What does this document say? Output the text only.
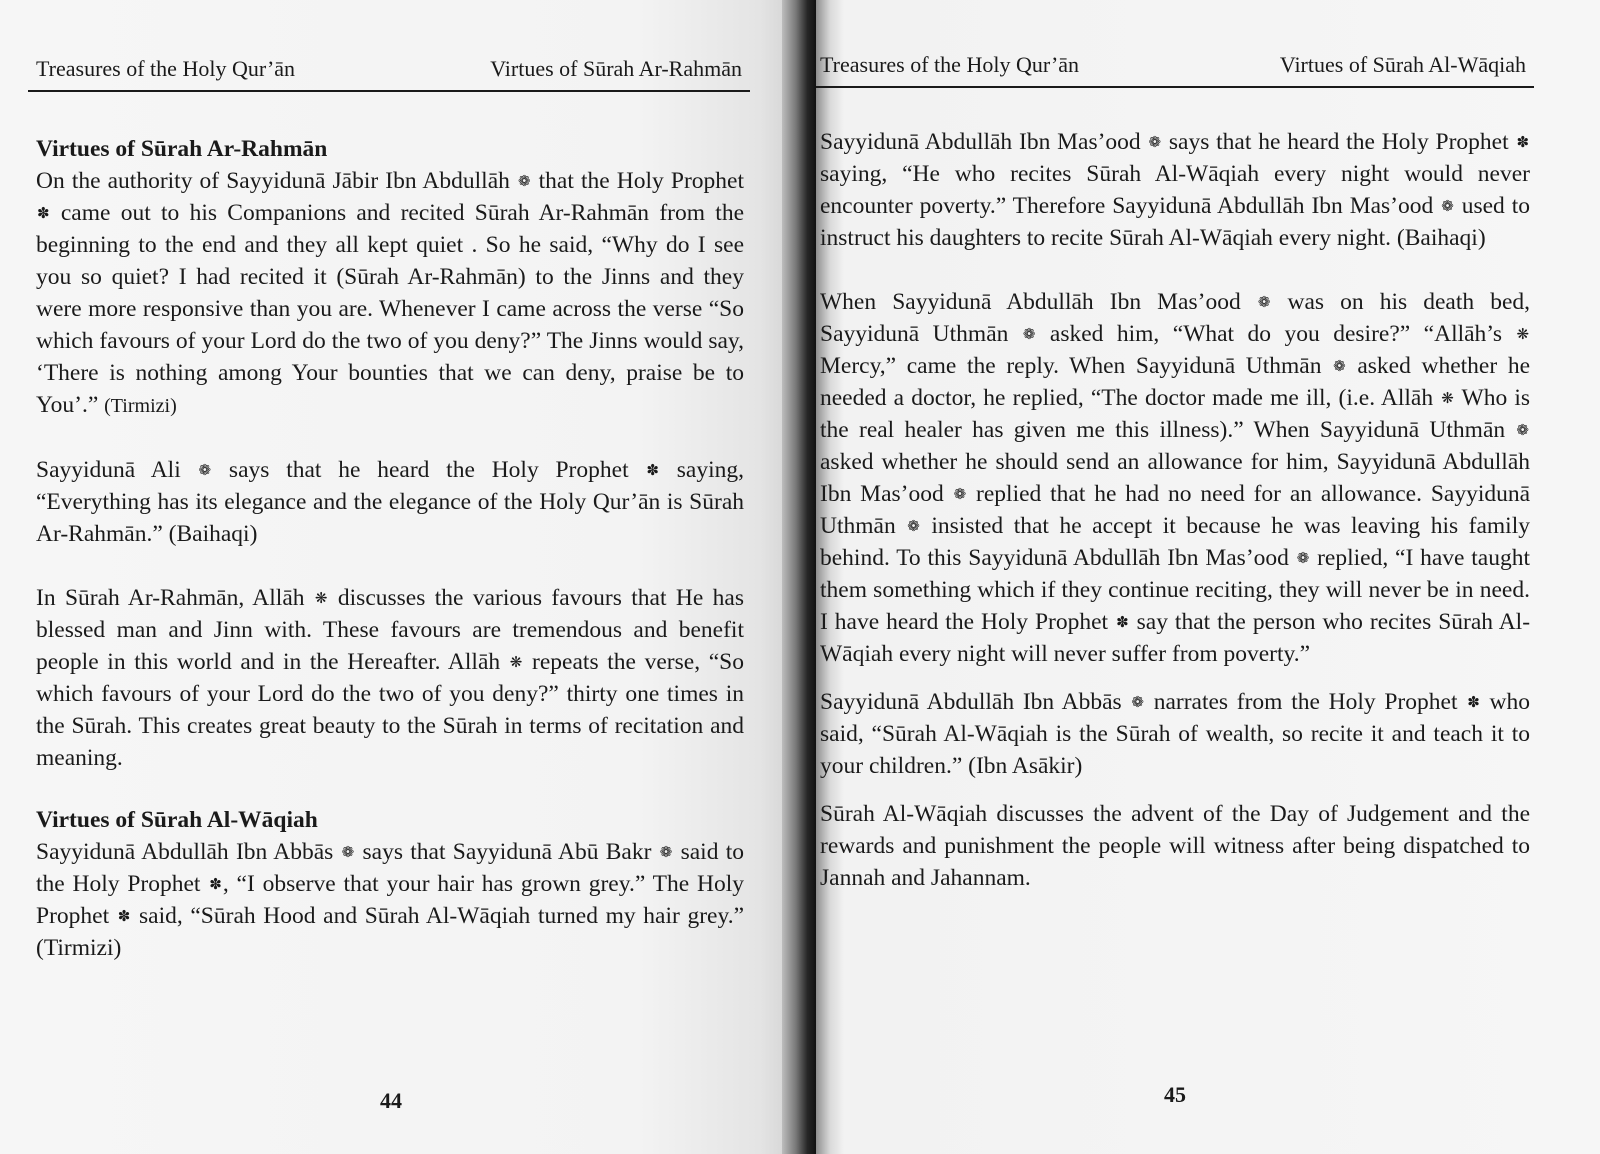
Treasures of the Holy Qur’ān	Virtues of Sūrah Ar-Rahmān

Virtues of Sūrah Ar-Rahmān

On the authority of Sayyidunā Jābir Ibn Abdullāh ❁ that the Holy Prophet ✽ came out to his Companions and recited Sūrah Ar-Rahmān from the beginning to the end and they all kept quiet . So he said, “Why do I see you so quiet? I had recited it (Sūrah Ar-Rahmān) to the Jinns and they were more responsive than you are. Whenever I came across the verse “So which favours of your Lord do the two of you deny?” The Jinns would say, ‘There is nothing among Your bounties that we can deny, praise be to You’.” (Tirmizi)

Sayyidunā Ali ❁ says that he heard the Holy Prophet ✽ saying, “Everything has its elegance and the elegance of the Holy Qur’ān is Sūrah Ar-Rahmān.” (Baihaqi)

In Sūrah Ar-Rahmān, Allāh ❋ discusses the various favours that He has blessed man and Jinn with. These favours are tremendous and benefit people in this world and in the Hereafter. Allāh ❋ repeats the verse, “So which favours of your Lord do the two of you deny?” thirty one times in the Sūrah. This creates great beauty to the Sūrah in terms of recitation and meaning.

Virtues of Sūrah Al-Wāqiah

Sayyidunā Abdullāh Ibn Abbās ❁ says that Sayyidunā Abū Bakr ❁ said to the Holy Prophet ✽, “I observe that your hair has grown grey.” The Holy Prophet ✽ said, “Sūrah Hood and Sūrah Al-Wāqiah turned my hair grey.” (Tirmizi)

44
Treasures of the Holy Qur’ān	Virtues of Sūrah Al-Wāqiah

Sayyidunā Abdullāh Ibn Mas’ood ❁ says that he heard the Holy Prophet ✽ saying, “He who recites Sūrah Al-Wāqiah every night would never encounter poverty.” Therefore Sayyidunā Abdullāh Ibn Mas’ood ❁ used to instruct his daughters to recite Sūrah Al-Wāqiah every night. (Baihaqi)

When Sayyidunā Abdullāh Ibn Mas’ood ❁ was on his death bed, Sayyidunā Uthmān ❁ asked him, “What do you desire?” “Allāh’s ❋ Mercy,” came the reply. When Sayyidunā Uthmān ❁ asked whether he needed a doctor, he replied, “The doctor made me ill, (i.e. Allāh ❋ Who is the real healer has given me this illness).” When Sayyidunā Uthmān ❁ asked whether he should send an allowance for him, Sayyidunā Abdullāh Ibn Mas’ood ❁ replied that he had no need for an allowance. Sayyidunā Uthmān ❁ insisted that he accept it because he was leaving his family behind. To this Sayyidunā Abdullāh Ibn Mas’ood ❁ replied, “I have taught them something which if they continue reciting, they will never be in need. I have heard the Holy Prophet ✽ say that the person who recites Sūrah Al-Wāqiah every night will never suffer from poverty.”

Sayyidunā Abdullāh Ibn Abbās ❁ narrates from the Holy Prophet ✽ who said, “Sūrah Al-Wāqiah is the Sūrah of wealth, so recite it and teach it to your children.” (Ibn Asākir)

Sūrah Al-Wāqiah discusses the advent of the Day of Judgement and the rewards and punishment the people will witness after being dispatched to Jannah and Jahannam.

45
